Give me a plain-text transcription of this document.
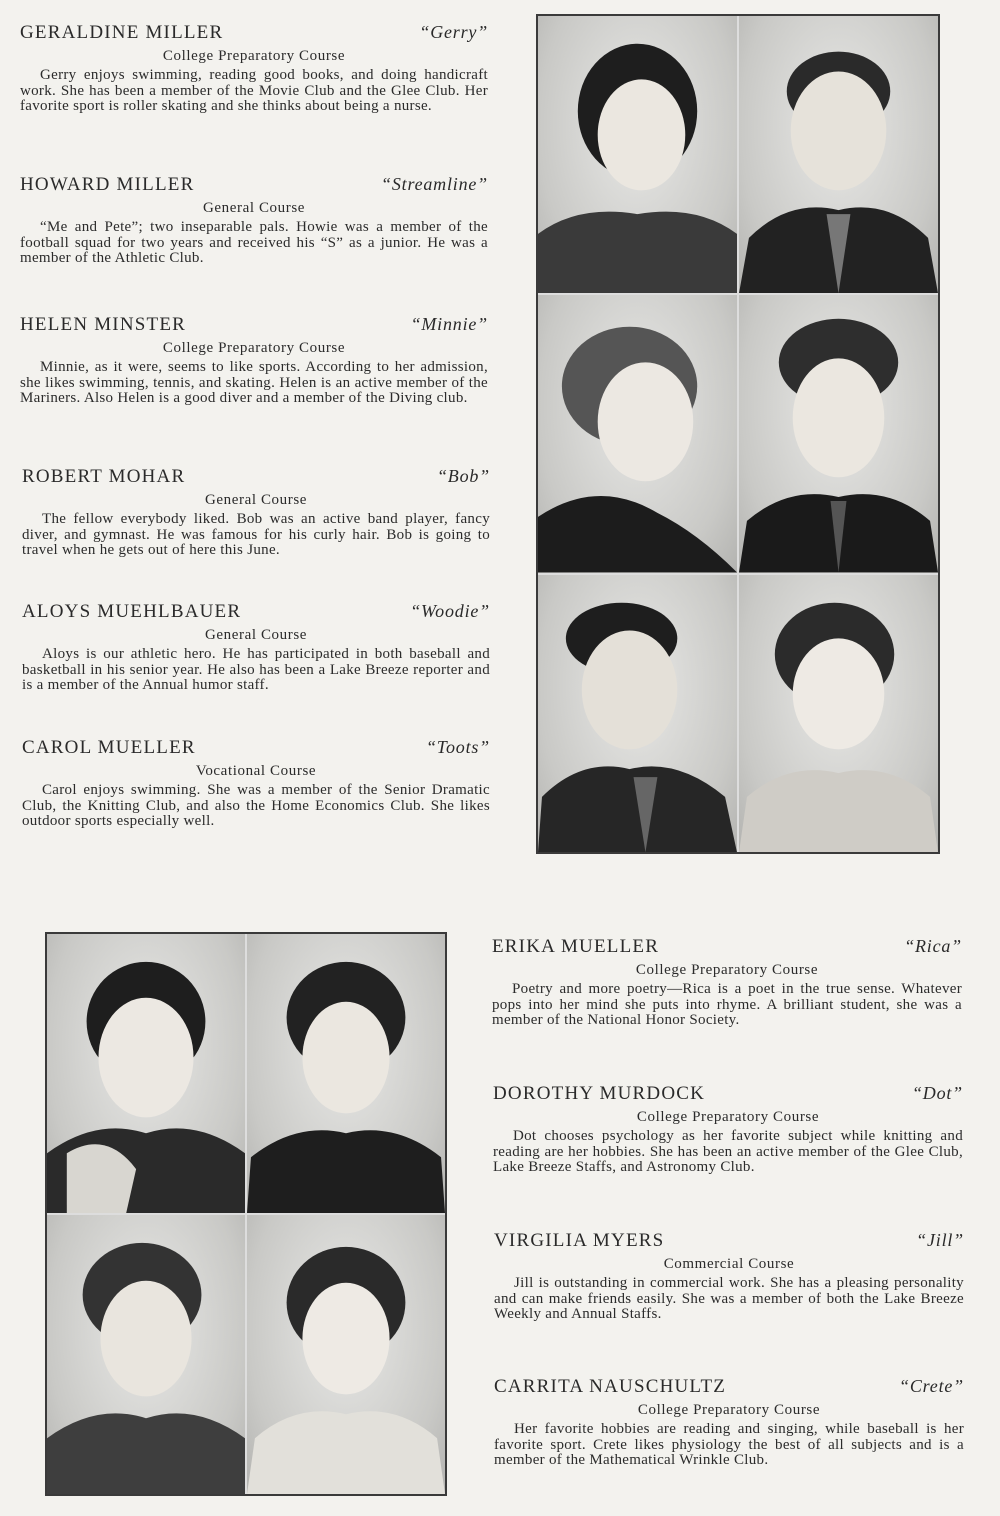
GERALDINE MILLER	“Gerry”
College Preparatory Course
Gerry enjoys swimming, reading good books, and doing handicraft work. She has been a member of the Movie Club and the Glee Club. Her favorite sport is roller skating and she thinks about being a nurse.
HOWARD MILLER	“Streamline”
General Course
“Me and Pete”; two inseparable pals. Howie was a member of the football squad for two years and received his “S” as a junior. He was a member of the Athletic Club.
HELEN MINSTER	“Minnie”
College Preparatory Course
Minnie, as it were, seems to like sports. According to her admission, she likes swimming, tennis, and skating. Helen is an active member of the Mariners. Also Helen is a good diver and a member of the Diving club.
ROBERT MOHAR	“Bob”
General Course
The fellow everybody liked. Bob was an active band player, fancy diver, and gymnast. He was famous for his curly hair. Bob is going to travel when he gets out of here this June.
ALOYS MUEHLBAUER	“Woodie”
General Course
Aloys is our athletic hero. He has participated in both baseball and basketball in his senior year. He also has been a Lake Breeze reporter and is a member of the Annual humor staff.
CAROL MUELLER	“Toots”
Vocational Course
Carol enjoys swimming. She was a member of the Senior Dramatic Club, the Knitting Club, and also the Home Economics Club. She likes outdoor sports especially well.
ERIKA MUELLER	“Rica”
College Preparatory Course
Poetry and more poetry—Rica is a poet in the true sense. Whatever pops into her mind she puts into rhyme. A brilliant student, she was a member of the National Honor Society.
DOROTHY MURDOCK	“Dot”
College Preparatory Course
Dot chooses psychology as her favorite subject while knitting and reading are her hobbies. She has been an active member of the Glee Club, Lake Breeze Staffs, and Astronomy Club.
VIRGILIA MYERS	“Jill”
Commercial Course
Jill is outstanding in commercial work. She has a pleasing personality and can make friends easily. She was a member of both the Lake Breeze Weekly and Annual Staffs.
CARRITA NAUSCHULTZ	“Crete”
College Preparatory Course
Her favorite hobbies are reading and singing, while baseball is her favorite sport. Crete likes physiology the best of all subjects and is a member of the Mathematical Wrinkle Club.
